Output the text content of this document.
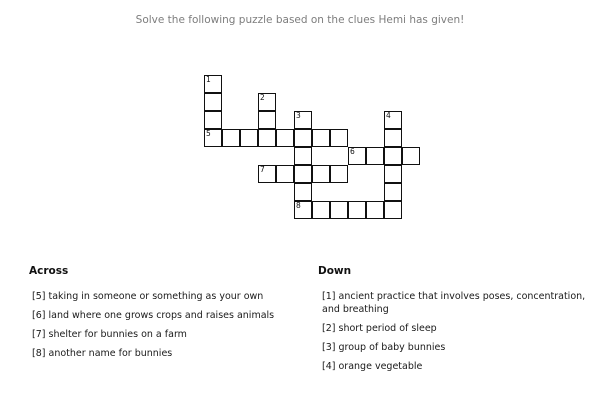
Solve the following puzzle based on the clues Hemi has given!
1
5
2
3
8
4
6
7
Across	Down
[5] taking in someone or something as your own
[6] land where one grows crops and raises animals
[7] shelter for bunnies on a farm
[8] another name for bunnies
[1] ancient practice that involves poses, concentration, and breathing
[2] short period of sleep
[3] group of baby bunnies
[4] orange vegetable
